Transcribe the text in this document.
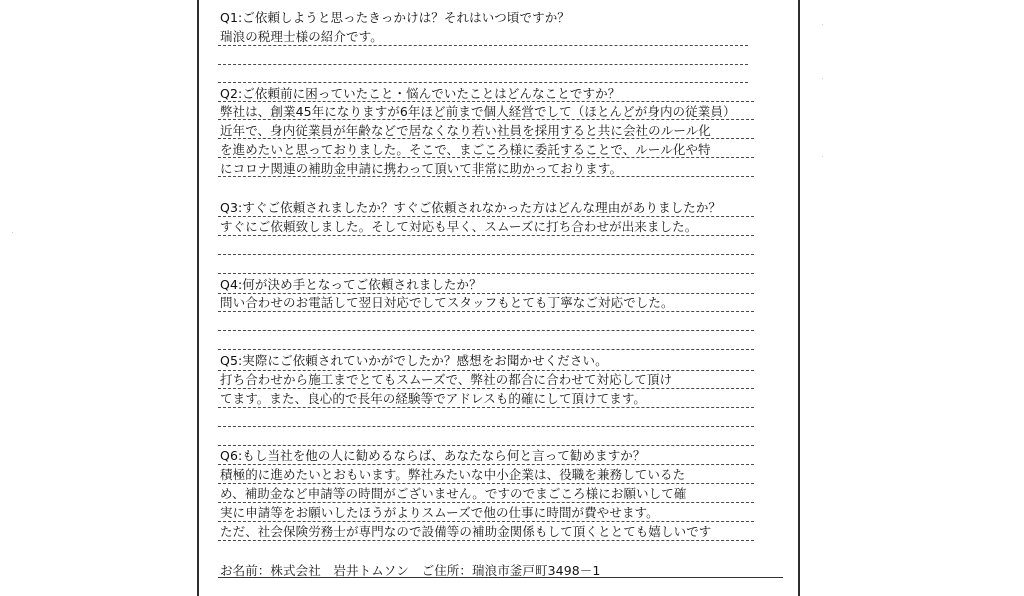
Q1:ご依頼しようと思ったきっかけは？それはいつ頃ですか？
瑞浪の税理士様の紹介です。
Q2:ご依頼前に困っていたこと・悩んでいたことはどんなことですか？
弊社は、創業45年になりますが6年ほど前まで個人経営でして（ほとんどが身内の従業員）
近年で、身内従業員が年齢などで居なくなり若い社員を採用すると共に会社のルール化
を進めたいと思っておりました。そこで、まごころ様に委託することで、ルール化や特
にコロナ関連の補助金申請に携わって頂いて非常に助かっております。
Q3:すぐご依頼されましたか？すぐご依頼されなかった方はどんな理由がありましたか？
すぐにご依頼致しました。そして対応も早く、スムーズに打ち合わせが出来ました。
Q4:何が決め手となってご依頼されましたか？
問い合わせのお電話して翌日対応でしてスタッフもとても丁寧なご対応でした。
Q5:実際にご依頼されていかがでしたか？感想をお聞かせください。
打ち合わせから施工までとてもスムーズで、弊社の都合に合わせて対応して頂け
てます。また、良心的で長年の経験等でアドレスも的確にして頂けてます。
Q6:もし当社を他の人に勧めるならば、あなたなら何と言って勧めますか？
積極的に進めたいとおもいます。弊社みたいな中小企業は、役職を兼務しているた
め、補助金など申請等の時間がございません。ですのでまごころ様にお願いして確
実に申請等をお願いしたほうがよりスムーズで他の仕事に時間が費やせます。
ただ、社会保険労務士が専門なので設備等の補助金関係もして頂くととても嬉しいです
お名前：株式会社　岩井トムソン　ご住所：瑞浪市釜戸町3498－1
